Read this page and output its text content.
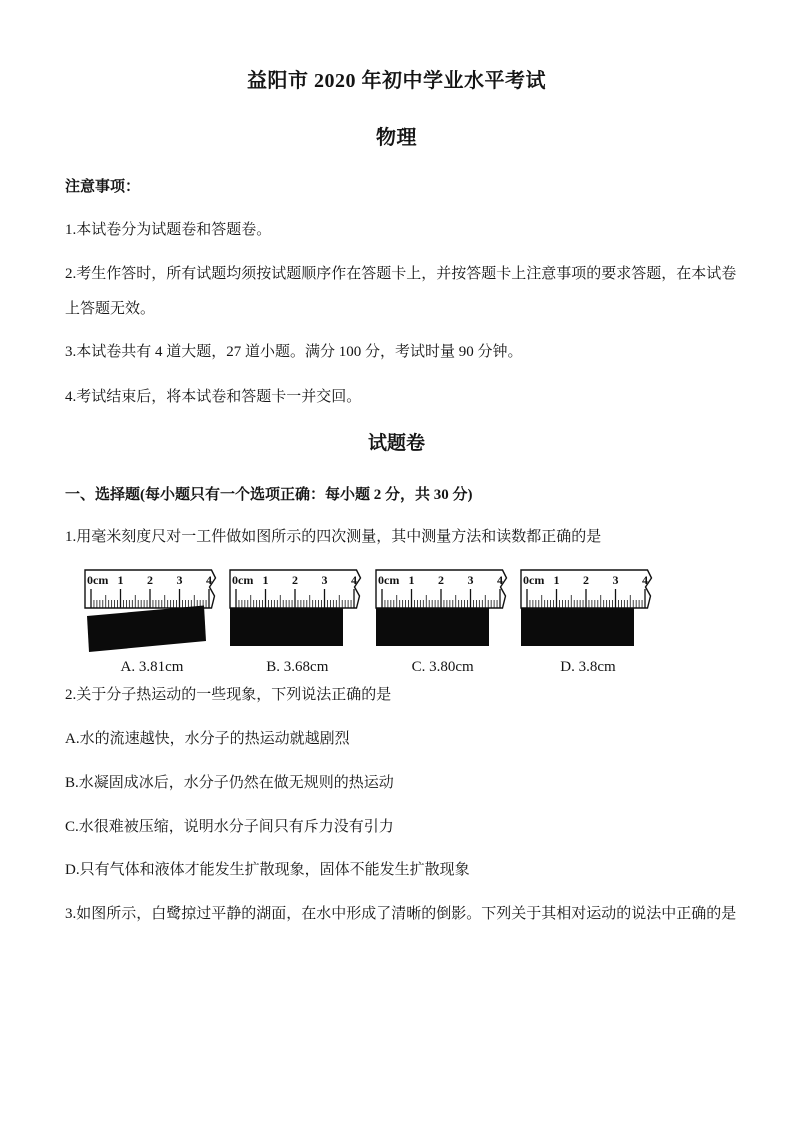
益阳市 2020 年初中学业水平考试
物理

注意事项：

1.本试卷分为试题卷和答题卷。

2.考生作答时，所有试题均须按试题顺序作在答题卡上，并按答题卡上注意事项的要求答题，在本试卷上答题无效。

3.本试卷共有 4 道大题，27 道小题。满分 100 分，考试时量 90 分钟。

4.考试结束后，将本试卷和答题卡一并交回。

试题卷

一、选择题(每小题只有一个选项正确：每小题 2 分，共 30 分)

1.用毫米刻度尺对一工件做如图所示的四次测量，其中测量方法和读数都正确的是

0cm 1 2 3 4
A. 3.81cm
0cm 1 2 3 4
B. 3.68cm
0cm 1 2 3 4
C. 3.80cm
0cm 1 2 3 4
D. 3.8cm

2.关于分子热运动的一些现象，下列说法正确的是

A.水的流速越快，水分子的热运动就越剧烈

B.水凝固成冰后，水分子仍然在做无规则的热运动

C.水很难被压缩，说明水分子间只有斥力没有引力

D.只有气体和液体才能发生扩散现象，固体不能发生扩散现象

3.如图所示，白鹭掠过平静的湖面，在水中形成了清晰的倒影。下列关于其相对运动的说法中正确的是
